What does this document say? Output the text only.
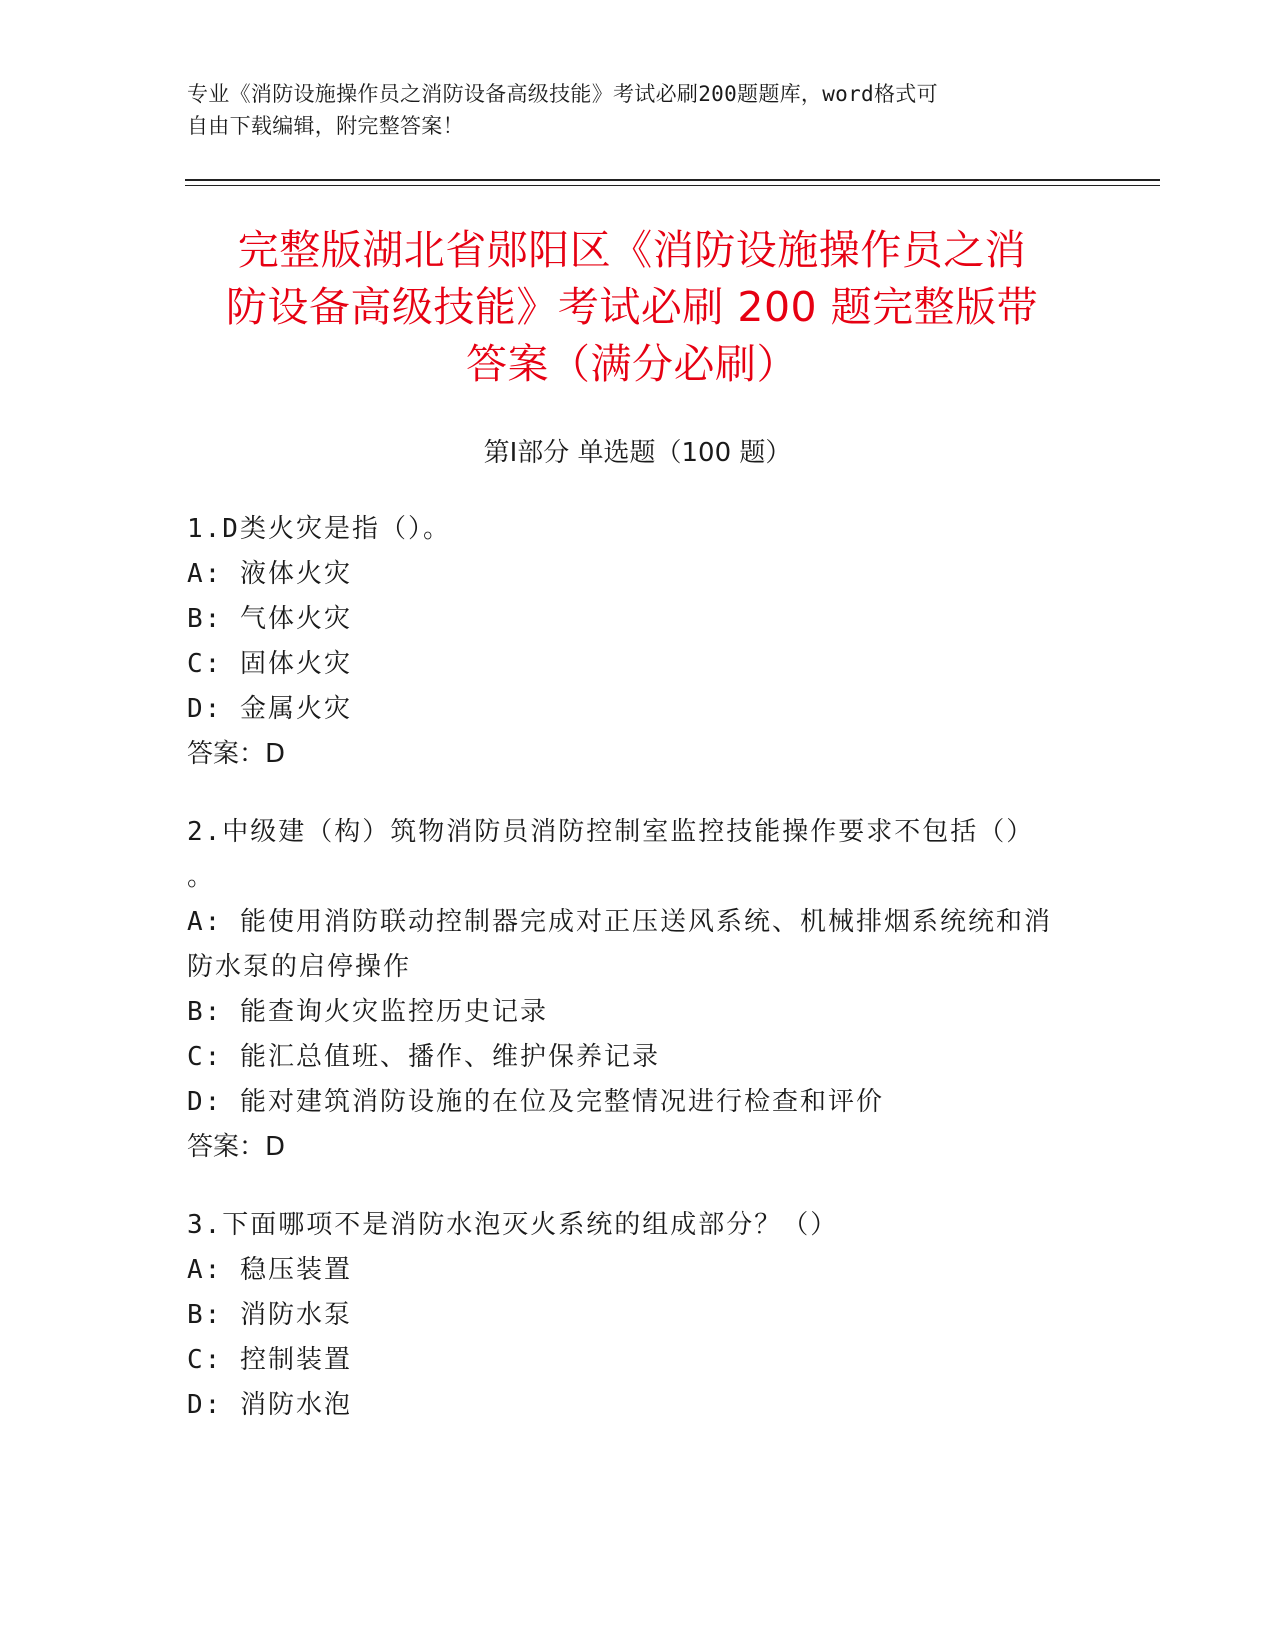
专业《消防设施操作员之消防设备高级技能》考试必刷200题题库，word格式可
自由下载编辑，附完整答案！
完整版湖北省郧阳区《消防设施操作员之消
防设备高级技能》考试必刷 200 题完整版带
答案（满分必刷）
第Ⅰ部分 单选题（100 题）
1.D类火灾是指（）。
A: 液体火灾
B: 气体火灾
C: 固体火灾
D: 金属火灾
答案：D
2.中级建（构）筑物消防员消防控制室监控技能操作要求不包括（）
。
A: 能使用消防联动控制器完成对正压送风系统、机械排烟系统统和消
防水泵的启停操作
B: 能查询火灾监控历史记录
C: 能汇总值班、播作、维护保养记录
D: 能对建筑消防设施的在位及完整情况进行检查和评价
答案：D
3.下面哪项不是消防水泡灭火系统的组成部分？（）
A: 稳压装置
B: 消防水泵
C: 控制装置
D: 消防水泡
